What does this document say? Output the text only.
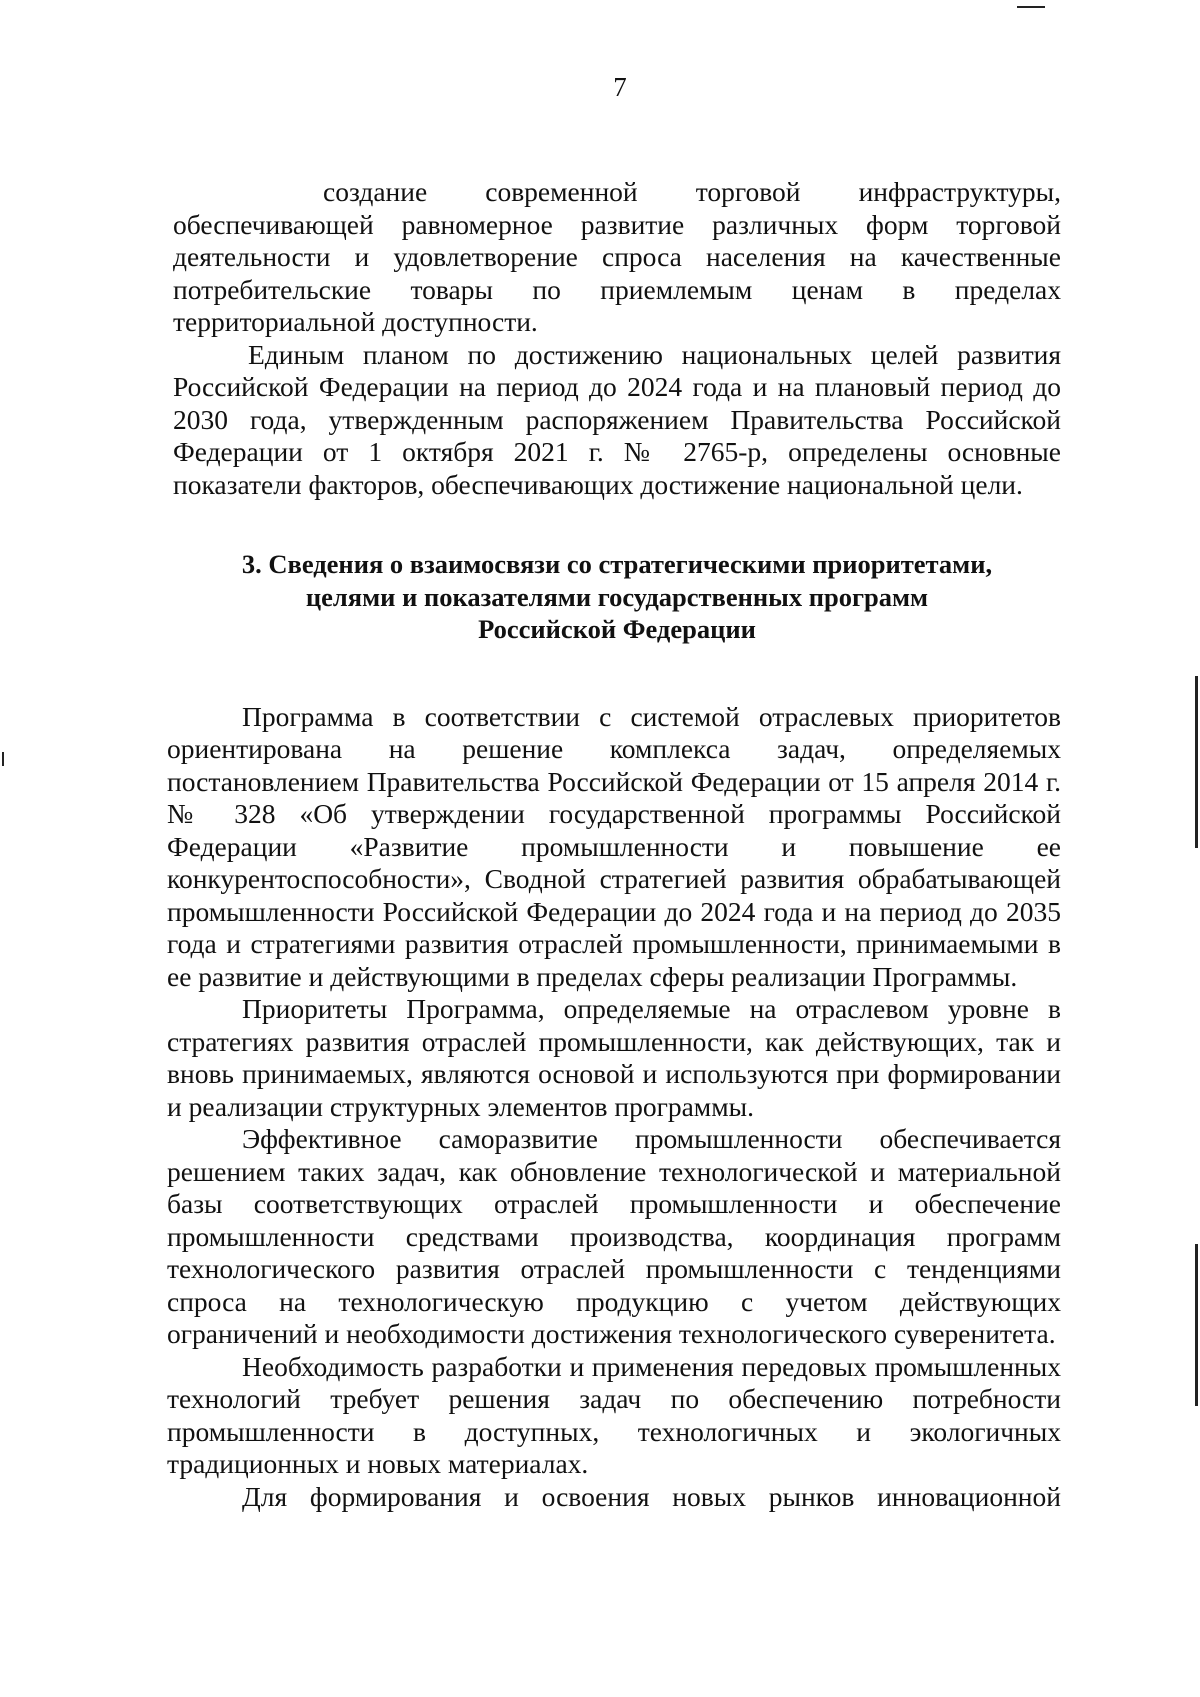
7

создание современной торговой инфраструктуры, обеспечивающей равномерное развитие различных форм торговой деятельности и удовлетворение спроса населения на качественные потребительские товары по приемлемым ценам в пределах территориальной доступности.

Единым планом по достижению национальных целей развития Российской Федерации на период до 2024 года и на плановый период до 2030 года, утвержденным распоряжением Правительства Российской Федерации от 1 октября 2021 г. № 2765-р, определены основные показатели факторов, обеспечивающих достижение национальной цели.

3. Сведения о взаимосвязи со стратегическими приоритетами,
целями и показателями государственных программ
Российской Федерации

Программа в соответствии с системой отраслевых приоритетов ориентирована на решение комплекса задач, определяемых постановлением Правительства Российской Федерации от 15 апреля 2014 г. № 328 «Об утверждении государственной программы Российской Федерации «Развитие промышленности и повышение ее конкурентоспособности», Сводной стратегией развития обрабатывающей промышленности Российской Федерации до 2024 года и на период до 2035 года и стратегиями развития отраслей промышленности, принимаемыми в ее развитие и действующими в пределах сферы реализации Программы.

Приоритеты Программа, определяемые на отраслевом уровне в стратегиях развития отраслей промышленности, как действующих, так и вновь принимаемых, являются основой и используются при формировании и реализации структурных элементов программы.

Эффективное саморазвитие промышленности обеспечивается решением таких задач, как обновление технологической и материальной базы соответствующих отраслей промышленности и обеспечение промышленности средствами производства, координация программ технологического развития отраслей промышленности с тенденциями спроса на технологическую продукцию с учетом действующих ограничений и необходимости достижения технологического суверенитета.

Необходимость разработки и применения передовых промышленных технологий требует решения задач по обеспечению потребности промышленности в доступных, технологичных и экологичных традиционных и новых материалах.

Для формирования и освоения новых рынков инновационной
